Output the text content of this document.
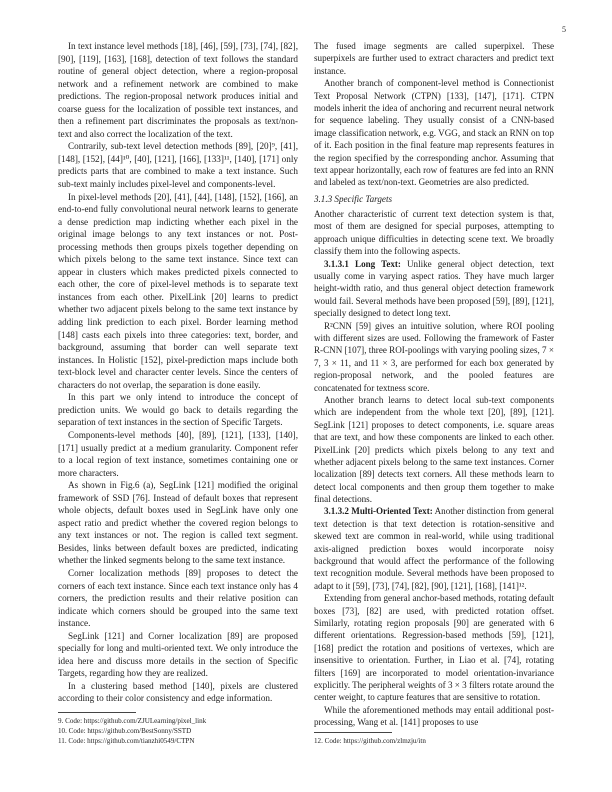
5

In text instance level methods [18], [46], [59], [73], [74], [82], [90], [119], [163], [168], detection of text follows the standard routine of general object detection, where a region-proposal network and a refinement network are combined to make predictions. The region-proposal network produces initial and coarse guess for the localization of possible text instances, and then a refinement part discriminates the proposals as text/non-text and also correct the localization of the text.

Contrarily, sub-text level detection methods [89], [20]⁹, [41], [148], [152], [44]¹⁰, [40], [121], [166], [133]¹¹, [140], [171] only predicts parts that are combined to make a text instance. Such sub-text mainly includes pixel-level and components-level.

In pixel-level methods [20], [41], [44], [148], [152], [166], an end-to-end fully convolutional neural network learns to generate a dense prediction map indicting whether each pixel in the original image belongs to any text instances or not. Post-processing methods then groups pixels together depending on which pixels belong to the same text instance. Since text can appear in clusters which makes predicted pixels connected to each other, the core of pixel-level methods is to separate text instances from each other. PixelLink [20] learns to predict whether two adjacent pixels belong to the same text instance by adding link prediction to each pixel. Border learning method [148] casts each pixels into three categories: text, border, and background, assuming that border can well separate text instances. In Holistic [152], pixel-prediction maps include both text-block level and character center levels. Since the centers of characters do not overlap, the separation is done easily.

In this part we only intend to introduce the concept of prediction units. We would go back to details regarding the separation of text instances in the section of Specific Targets.

Components-level methods [40], [89], [121], [133], [140], [171] usually predict at a medium granularity. Component refer to a local region of text instance, sometimes containing one or more characters.

As shown in Fig.6 (a), SegLink [121] modified the original framework of SSD [76]. Instead of default boxes that represent whole objects, default boxes used in SegLink have only one aspect ratio and predict whether the covered region belongs to any text instances or not. The region is called text segment. Besides, links between default boxes are predicted, indicating whether the linked segments belong to the same text instance.

Corner localization methods [89] proposes to detect the corners of each text instance. Since each text instance only has 4 corners, the prediction results and their relative position can indicate which corners should be grouped into the same text instance.

SegLink [121] and Corner localization [89] are proposed specially for long and multi-oriented text. We only introduce the idea here and discuss more details in the section of Specific Targets, regarding how they are realized.

In a clustering based method [140], pixels are clustered according to their color consistency and edge information.

The fused image segments are called superpixel. These superpixels are further used to extract characters and predict text instance.

Another branch of component-level method is Connectionist Text Proposal Network (CTPN) [133], [147], [171]. CTPN models inherit the idea of anchoring and recurrent neural network for sequence labeling. They usually consist of a CNN-based image classification network, e.g. VGG, and stack an RNN on top of it. Each position in the final feature map represents features in the region specified by the corresponding anchor. Assuming that text appear horizontally, each row of features are fed into an RNN and labeled as text/non-text. Geometries are also predicted.

3.1.3 Specific Targets

Another characteristic of current text detection system is that, most of them are designed for special purposes, attempting to approach unique difficulties in detecting scene text. We broadly classify them into the following aspects.

3.1.3.1 Long Text: Unlike general object detection, text usually come in varying aspect ratios. They have much larger height-width ratio, and thus general object detection framework would fail. Several methods have been proposed [59], [89], [121], specially designed to detect long text.

R²CNN [59] gives an intuitive solution, where ROI pooling with different sizes are used. Following the framework of Faster R-CNN [107], three ROI-poolings with varying pooling sizes, 7 × 7, 3 × 11, and 11 × 3, are performed for each box generated by region-proposal network, and the pooled features are concatenated for textness score.

Another branch learns to detect local sub-text components which are independent from the whole text [20], [89], [121]. SegLink [121] proposes to detect components, i.e. square areas that are text, and how these components are linked to each other. PixelLink [20] predicts which pixels belong to any text and whether adjacent pixels belong to the same text instances. Corner localization [89] detects text corners. All these methods learn to detect local components and then group them together to make final detections.

3.1.3.2 Multi-Oriented Text: Another distinction from general text detection is that text detection is rotation-sensitive and skewed text are common in real-world, while using traditional axis-aligned prediction boxes would incorporate noisy background that would affect the performance of the following text recognition module. Several methods have been proposed to adapt to it [59], [73], [74], [82], [90], [121], [168], [141]¹².

Extending from general anchor-based methods, rotating default boxes [73], [82] are used, with predicted rotation offset. Similarly, rotating region proposals [90] are generated with 6 different orientations. Regression-based methods [59], [121], [168] predict the rotation and positions of vertexes, which are insensitive to orientation. Further, in Liao et al. [74], rotating filters [169] are incorporated to model orientation-invariance explicitly. The peripheral weights of 3 × 3 filters rotate around the center weight, to capture features that are sensitive to rotation.

While the aforementioned methods may entail additional post-processing, Wang et al. [141] proposes to use

9. Code: https://github.com/ZJULearning/pixel_link
10. Code: https://github.com/BestSonny/SSTD
11. Code: https://github.com/tianzhi0549/CTPN	12. Code: https://github.com/zlmzju/itn
